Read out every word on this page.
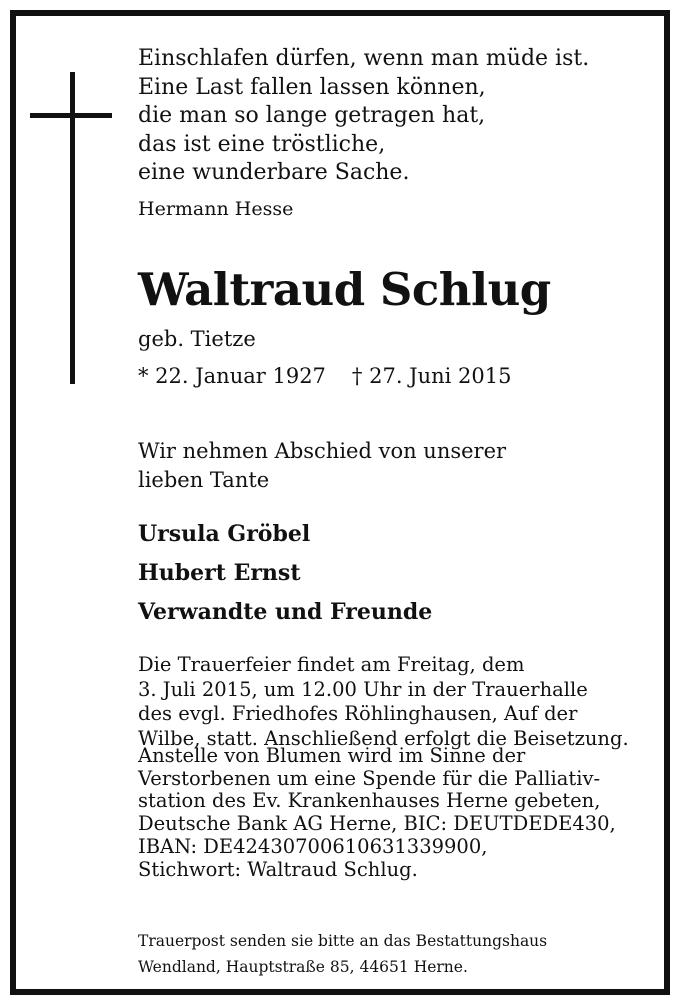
Einschlafen dürfen, wenn man müde ist.
Eine Last fallen lassen können,
die man so lange getragen hat,
das ist eine tröstliche,
eine wunderbare Sache.
Hermann Hesse
Waltraud Schlug
geb. Tietze
* 22. Januar 1927 † 27. Juni 2015
Wir nehmen Abschied von unserer
lieben Tante
Ursula Gröbel
Hubert Ernst
Verwandte und Freunde
Die Trauerfeier findet am Freitag, dem
3. Juli 2015, um 12.00 Uhr in der Trauerhalle
des evgl. Friedhofes Röhlinghausen, Auf der
Wilbe, statt. Anschließend erfolgt die Beisetzung.
Anstelle von Blumen wird im Sinne der
Verstorbenen um eine Spende für die Palliativ-
station des Ev. Krankenhauses Herne gebeten,
Deutsche Bank AG Herne, BIC: DEUTDEDE430,
IBAN: DE42430700610631339900,
Stichwort: Waltraud Schlug.
Trauerpost senden sie bitte an das Bestattungshaus
Wendland, Hauptstraße 85, 44651 Herne.
